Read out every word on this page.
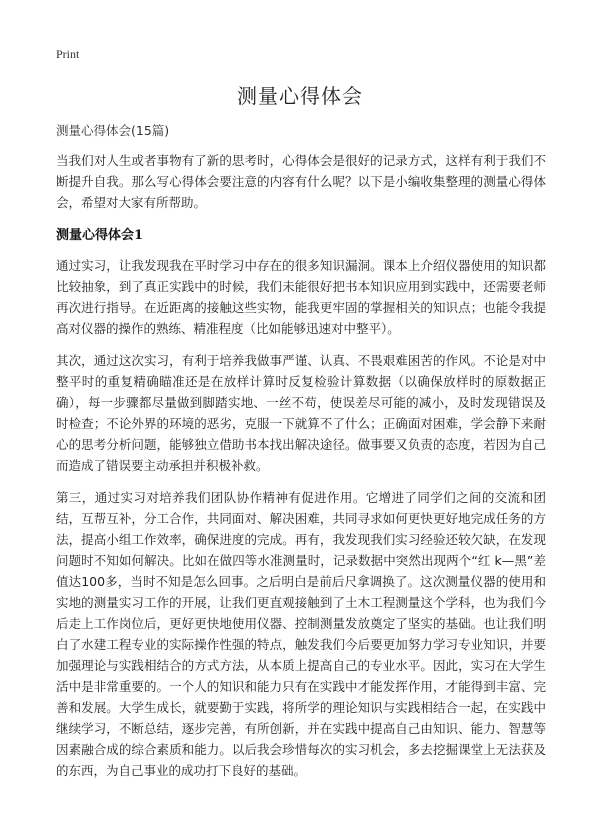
Print
测量心得体会

测量心得体会(15篇)

当我们对人生或者事物有了新的思考时，心得体会是很好的记录方式，这样有利于我们不断提升自我。那么写心得体会要注意的内容有什么呢？以下是小编收集整理的测量心得体会，希望对大家有所帮助。

测量心得体会1

通过实习，让我发现我在平时学习中存在的很多知识漏洞。课本上介绍仪器使用的知识都比较抽象，到了真正实践中的时候，我们未能很好把书本知识应用到实践中，还需要老师再次进行指导。在近距离的接触这些实物，能我更牢固的掌握相关的知识点；也能令我提高对仪器的操作的熟练、精准程度（比如能够迅速对中整平）。

其次，通过这次实习，有利于培养我做事严谨、认真、不畏艰难困苦的作风。不论是对中整平时的重复精确瞄准还是在放样计算时反复检验计算数据（以确保放样时的原数据正确），每一步骤都尽量做到脚踏实地、一丝不苟，使误差尽可能的减小，及时发现错误及时检查；不论外界的环境的恶劣，克服一下就算不了什么；正确面对困难，学会静下来耐心的思考分析问题，能够独立借助书本找出解决途径。做事要又负责的态度，若因为自己而造成了错误要主动承担并积极补救。

第三，通过实习对培养我们团队协作精神有促进作用。它增进了同学们之间的交流和团结，互帮互补，分工合作，共同面对、解决困难，共同寻求如何更快更好地完成任务的方法，提高小组工作效率，确保进度的完成。再有，我发现我们实习经验还较欠缺，在发现问题时不知如何解决。比如在做四等水准测量时，记录数据中突然出现两个“红 k—黑”差值达100多，当时不知是怎么回事。之后明白是前后尺拿调换了。这次测量仪器的使用和实地的测量实习工作的开展，让我们更直观接触到了土木工程测量这个学科，也为我们今后走上工作岗位后，更好更快地使用仪器、控制测量发放奠定了坚实的基础。也让我们明白了水建工程专业的实际操作性强的特点，触发我们今后要更加努力学习专业知识，并要加强理论与实践相结合的方式方法，从本质上提高自己的专业水平。因此，实习在大学生活中是非常重要的。一个人的知识和能力只有在实践中才能发挥作用，才能得到丰富、完善和发展。大学生成长，就要勤于实践，将所学的理论知识与实践相结合一起，在实践中继续学习，不断总结，逐步完善，有所创新，并在实践中提高自己由知识、能力、智慧等因素融合成的综合素质和能力。以后我会珍惜每次的实习机会，多去挖掘课堂上无法获及的东西，为自己事业的成功打下良好的基础。
